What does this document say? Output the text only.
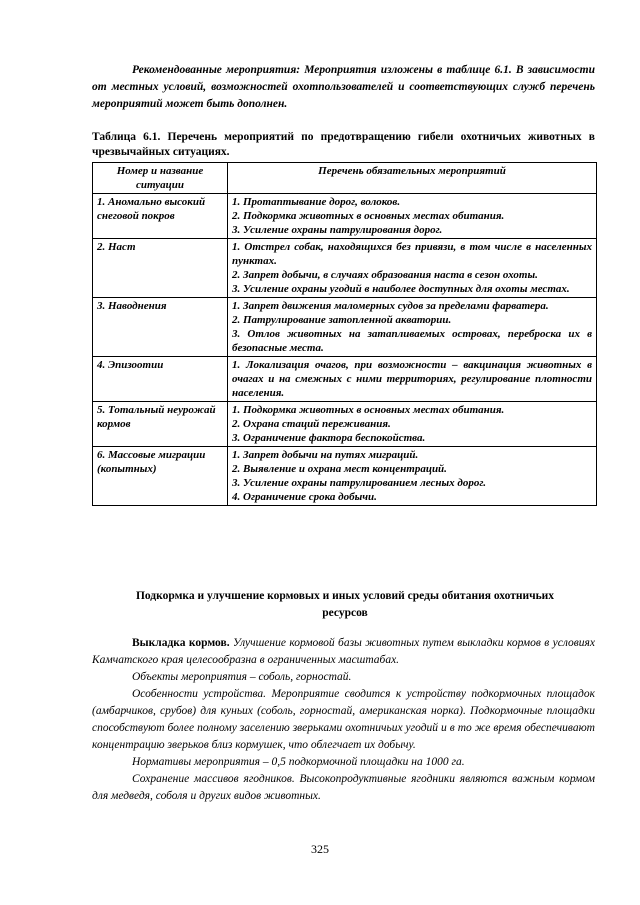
Рекомендованные мероприятия: Мероприятия изложены в таблице 6.1. В зависимости от местных условий, возможностей охотпользователей и соответствующих служб перечень мероприятий может быть дополнен.

Таблица 6.1. Перечень мероприятий по предотвращению гибели охотничьих животных в чрезвычайных ситуациях.

Номер и название ситуации	Перечень обязательных мероприятий
1. Аномально высокий снеговой покров	1. Протаптывание дорог, волоков.
2. Подкормка животных в основных местах обитания.
3. Усиление охраны патрулирования дорог.

2. Наст	1. Отстрел собак, находящихся без привязи, в том числе в населенных пунктах.
2. Запрет добычи, в случаях образования наста в сезон охоты.
3. Усиление охраны угодий в наиболее доступных для охоты местах.

3. Наводнения	1. Запрет движения маломерных судов за пределами фарватера.
2. Патрулирование затопленной акватории.
3. Отлов животных на затапливаемых островах, переброска их в безопасные места.

4. Эпизоотии	1. Локализация очагов, при возможности – вакцинация животных в очагах и на смежных с ними территориях, регулирование плотности населения.

5. Тотальный неурожай кормов	1. Подкормка животных в основных местах обитания.
2. Охрана стаций переживания.
3. Ограничение фактора беспокойства.

6. Массовые миграции (копытных)	1. Запрет добычи на путях миграций.
2. Выявление и охрана мест концентраций.
3. Усиление охраны патрулированием лесных дорог.
4. Ограничение срока добычи.
Подкормка и улучшение кормовых и иных условий среды обитания охотничьих ресурсов

Выкладка кормов. Улучшение кормовой базы животных путем выкладки кормов в условиях Камчатского края целесообразна в ограниченных масштабах.

Объекты мероприятия – соболь, горностай.

Особенности устройства. Мероприятие сводится к устройству подкормочных площадок (амбарчиков, срубов) для куньих (соболь, горностай, американская норка). Подкормочные площадки способствуют более полному заселению зверьками охотничьих угодий и в то же время обеспечивают концентрацию зверьков близ кормушек, что облегчает их добычу.

Нормативы мероприятия – 0,5 подкормочной площадки на 1000 га.

Сохранение массивов ягодников. Высокопродуктивные ягодники являются важным кормом для медведя, соболя и других видов животных.

325
